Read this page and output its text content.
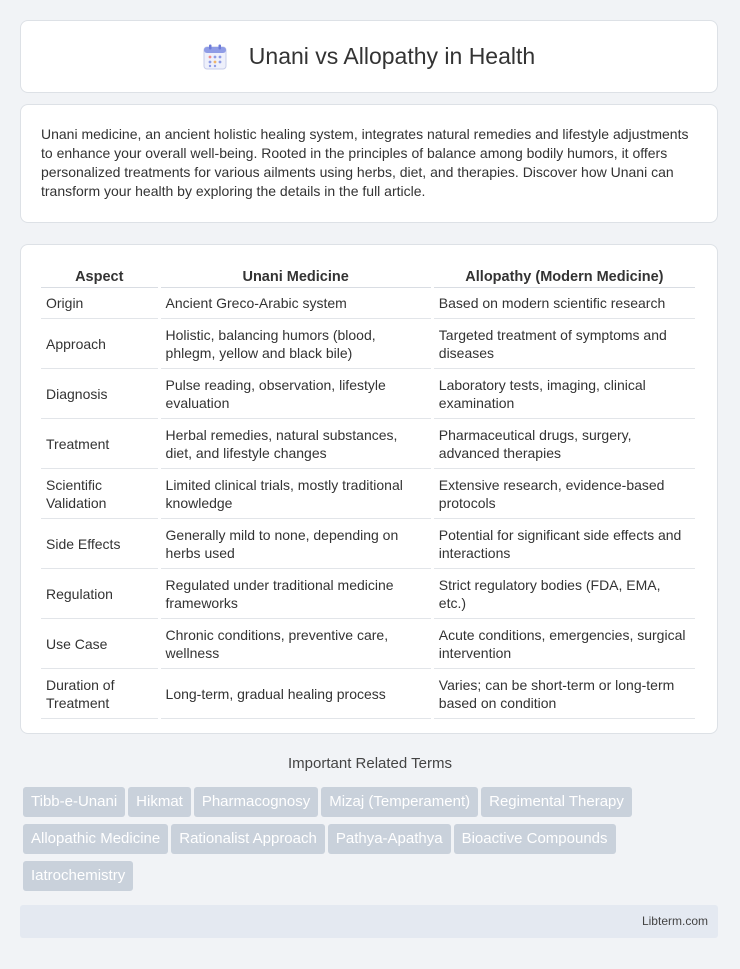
Unani vs Allopathy in Health

Unani medicine, an ancient holistic healing system, integrates natural remedies and lifestyle adjustments to enhance your overall well-being. Rooted in the principles of balance among bodily humors, it offers personalized treatments for various ailments using herbs, diet, and therapies. Discover how Unani can transform your health by exploring the details in the full article.

Aspect	Unani Medicine	Allopathy (Modern Medicine)
Origin	Ancient Greco-Arabic system	Based on modern scientific research
Approach	Holistic, balancing humors (blood, phlegm, yellow and black bile)	Targeted treatment of symptoms and diseases
Diagnosis	Pulse reading, observation, lifestyle evaluation	Laboratory tests, imaging, clinical examination
Treatment	Herbal remedies, natural substances, diet, and lifestyle changes	Pharmaceutical drugs, surgery, advanced therapies
Scientific Validation	Limited clinical trials, mostly traditional knowledge	Extensive research, evidence-based protocols
Side Effects	Generally mild to none, depending on herbs used	Potential for significant side effects and interactions
Regulation	Regulated under traditional medicine frameworks	Strict regulatory bodies (FDA, EMA, etc.)
Use Case	Chronic conditions, preventive care, wellness	Acute conditions, emergencies, surgical intervention
Duration of Treatment	Long-term, gradual healing process	Varies; can be short-term or long-term based on condition
Important Related Terms
Tibb-e-Unani Hikmat Pharmacognosy Mizaj (Temperament) Regimental Therapy
Allopathic Medicine Rationalist Approach Pathya-Apathya Bioactive Compounds
Iatrochemistry
Libterm.com
